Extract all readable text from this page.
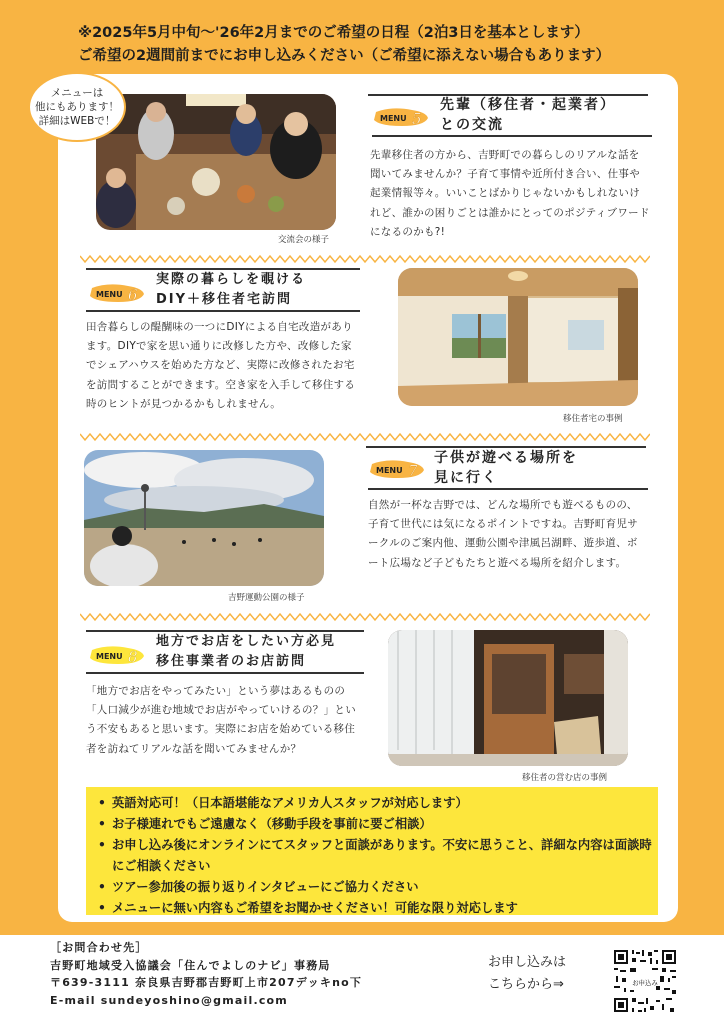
※2025年5月中旬～'26年2月までのご希望の日程（2泊3日を基本とします）
ご希望の2週間前までにお申し込みください（ご希望に添えない場合もあります）
メニューは
他にもあります！
詳細はWEBで！
交流会の様子
MENU 5
先輩（移住者・起業者）
との交流
先輩移住者の方から、吉野町での暮らしのリアルな話を聞いてみませんか？子育て事情や近所付き合い、仕事や起業情報等々。いいことばかりじゃないかもしれないけれど、誰かの困りごとは誰かにとってのポジティブワードになるのかも?!
MENU 6
実際の暮らしを覗ける
DIY＋移住者宅訪問
田舎暮らしの醍醐味の一つにDIYによる自宅改造があります。DIYで家を思い通りに改修した方や、改修した家でシェアハウスを始めた方など、実際に改修されたお宅を訪問することができます。空き家を入手して移住する時のヒントが見つかるかもしれません。
移住者宅の事例
吉野運動公園の様子
MENU 7
子供が遊べる場所を
見に行く
自然が一杯な吉野では、どんな場所でも遊べるものの、子育て世代には気になるポイントですね。吉野町育児サークルのご案内他、運動公園や津風呂湖畔、遊歩道、ボート広場など子どもたちと遊べる場所を紹介します。
MENU 8
地方でお店をしたい方必見
移住事業者のお店訪問
「地方でお店をやってみたい」という夢はあるものの「人口減少が進む地域でお店がやっていけるの？」という不安もあると思います。実際にお店を始めている移住者を訪ねてリアルな話を聞いてみませんか？
移住者の営む店の事例
• 英語対応可！（日本語堪能なアメリカ人スタッフが対応します）
• お子様連れでもご遠慮なく（移動手段を事前に要ご相談）
• お申し込み後にオンラインにてスタッフと面談があります。不安に思うこと、詳細な内容は面談時にご相談ください
• ツアー参加後の振り返りインタビューにご協力ください
• メニューに無い内容もご希望をお聞かせください！可能な限り対応します
［お問合わせ先］
吉野町地域受入協議会「住んでよしのナビ」事務局
〒639-3111 奈良県吉野郡吉野町上市207デッキno下
E-mail sundeyoshino@gmail.com
お申し込みは
こちらから⇒	お申込み
